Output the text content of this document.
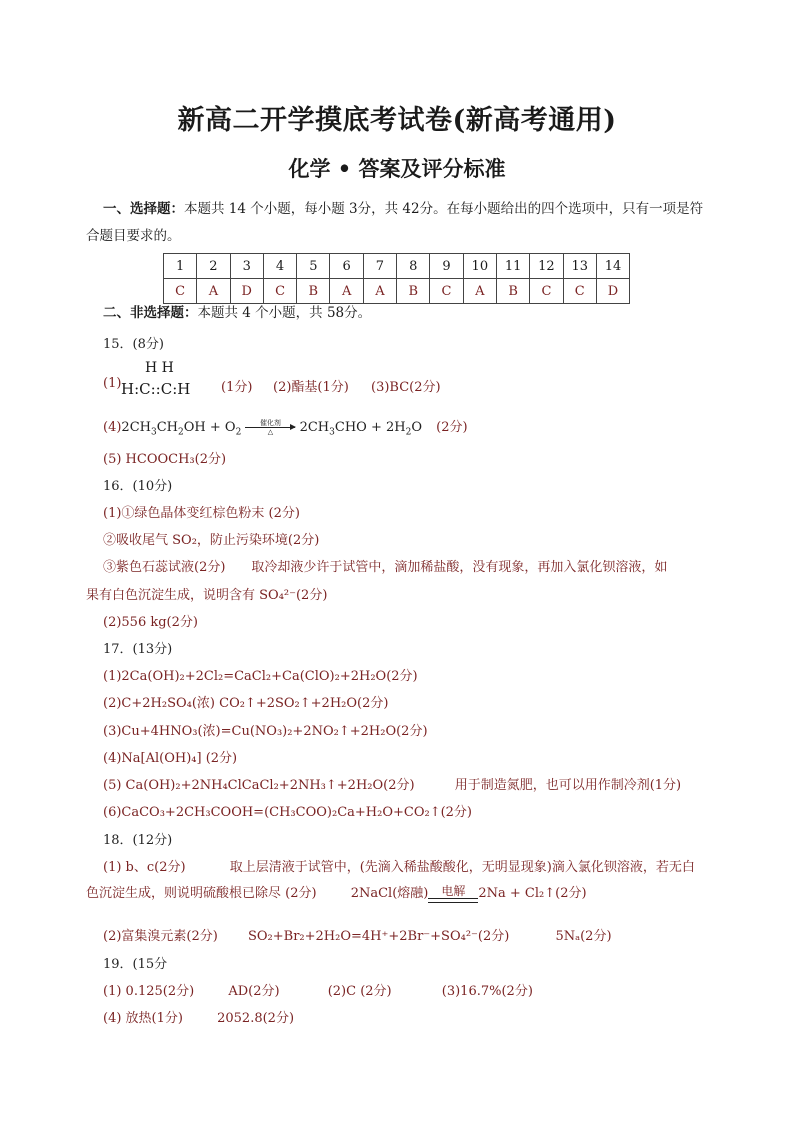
新高二开学摸底考试卷(新高考通用)
化学 • 答案及评分标准
一、选择题：本题共 14 个小题，每小题 3分，共 42分。在每小题给出的四个选项中，只有一项是符
合题目要求的。
1	2	3	4	5	6	7	8	9	10	11	12	13	14
C	A	D	C	B	A	A	B	C	A	B	C	C	D
二、非选择题：本题共 4 个小题，共 58分。
15．(8分)
(1)
H H
H:C::C:H (1分) (2)酯基(1分) (3)BC(2分)
$(4)2CH_3CH_2OH + O_2$
催化剂
△	$2CH_3CHO + 2H_2O$ (2分)
(5) HCOOCH₃(2分)
16．(10分)
(1)①绿色晶体变红棕色粉末 (2分)
②吸收尾气 SO₂，防止污染环境(2分)
③紫色石蕊试液(2分)　　取冷却液少许于试管中，滴加稀盐酸，没有现象，再加入氯化钡溶液，如
果有白色沉淀生成，说明含有 SO₄²⁻(2分)
(2)556 kg(2分)
17．(13分)
(1)2Ca(OH)₂+2Cl₂=CaCl₂+Ca(ClO)₂+2H₂O(2分)
(2)C+2H₂SO₄(浓) CO₂↑+2SO₂↑+2H₂O(2分)
(3)Cu+4HNO₃(浓)=Cu(NO₃)₂+2NO₂↑+2H₂O(2分)
(4)Na[Al(OH)₄] (2分)
(5) Ca(OH)₂+2NH₄ClCaCl₂+2NH₃↑+2H₂O(2分)	用于制造氮肥，也可以用作制冷剂(1分)
(6)CaCO₃+2CH₃COOH=(CH₃COO)₂Ca+H₂O+CO₂↑(2分)
18．(12分)
(1) b、c(2分)	取上层清液于试管中，(先滴入稀盐酸酸化，无明显现象)滴入氯化钡溶液，若无白
色沉淀生成，则说明硫酸根已除尽 (2分)	2NaCl(熔融)	电解	2Na + Cl₂↑(2分)
(2)富集溴元素(2分) SO₂+Br₂+2H₂O=4H⁺+2Br⁻+SO₄²⁻(2分)	5Nₐ(2分)
19．(15分
(1) 0.125(2分)	AD(2分)	(2)C (2分)	(3)16.7%(2分)
(4) 放热(1分)	2052.8(2分)
